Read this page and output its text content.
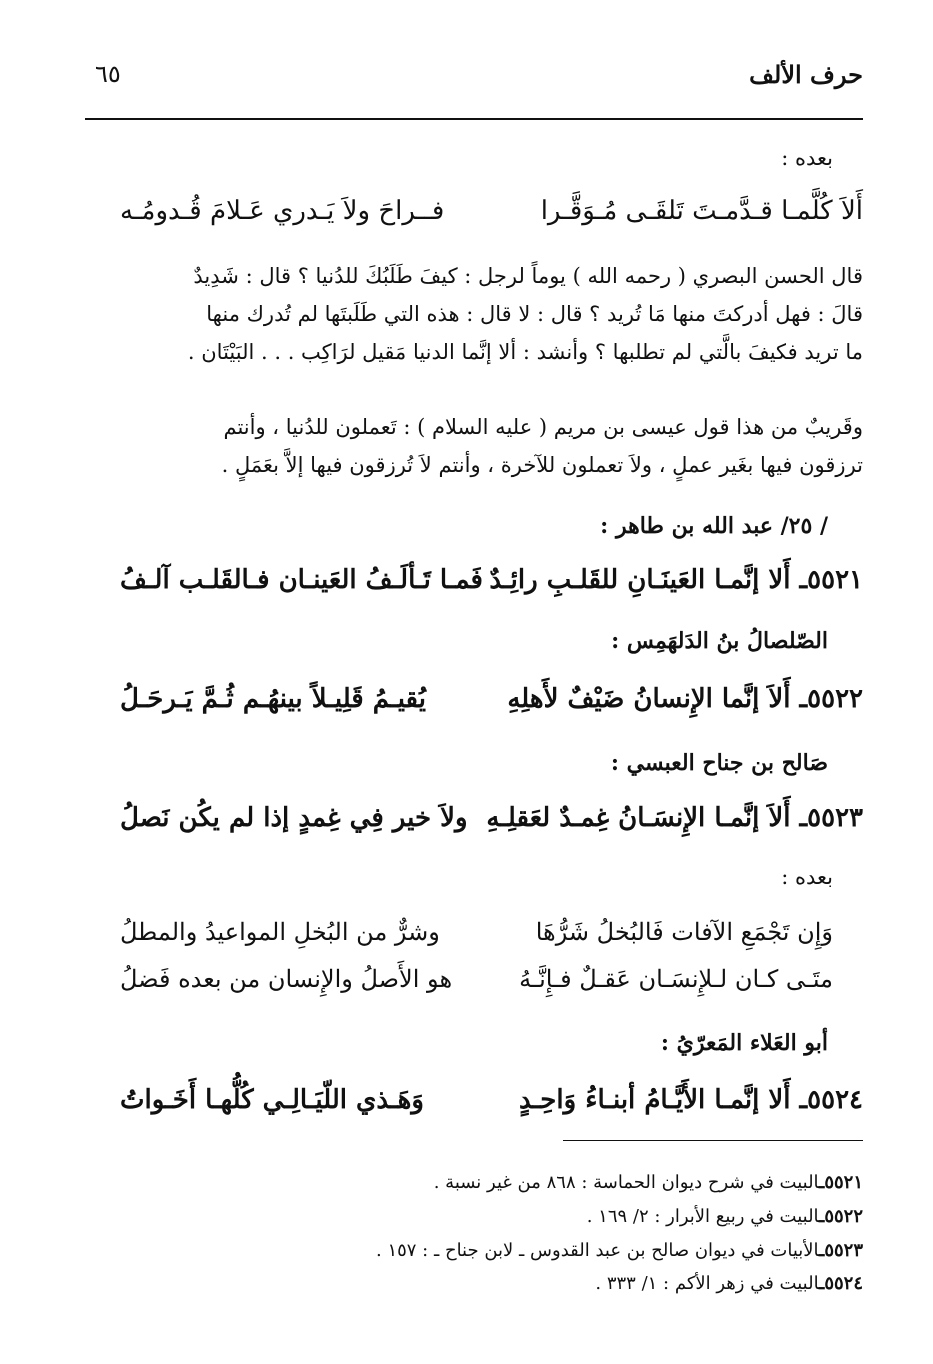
حرف الألف
٦٥
بعده :
أَلاَ كُلَّمـا قـدَّمـتَ تَلقَـى مُـوَقَّـرا
فــراحَ ولاَ يَـدري عَـلامَ قُـدومُـه
قال الحسن البصري ( رحمه الله ) يوماً لرجل : كيفَ طَلَبُكَ للدُنيا ؟ قال : شَدِيدٌ
قالَ : فهل أدركتَ منها مَا تُريد ؟ قال : لا قال : هذه التي طَلَبتَها لم تُدرك منها
ما تريد فكيفَ بالَّتي لم تطلبها ؟ وأنشد : ألا إنَّما الدنيا مَقيل لرَاكِب . . . البَيْتَان .
وقَريبٌ من هذا قول عيسى بن مريم ( عليه السلام ) : تَعملون للدُنيا ، وأنتم
ترزقون فيها بغَير عملٍ ، ولاَ تعملون للآخرة ، وأنتم لاَ تُرزقون فيها إلاَّ بعَمَلٍ .
/ ٢٥/ عبد الله بن طاهر :
٥٥٢١ـ أَلا إنَّمـا العَينَـانِ للقَلـبِ رائِـدٌ
فَمـا تَـألَـفُ العَينـان فـالقَلـب آلـفُ
الصّلصالُ بنُ الدَلهَمِس :
٥٥٢٢ـ أَلاَ إنَّما الإِنسانُ ضَيْفٌ لأَهلِهِ
يُقيـمُ قَلِيـلاً بينهُـم ثُـمَّ يَـرحَـلُ
صَالح بن جناح العبسي :
٥٥٢٣ـ أَلاَ إنَّمـا الإِنسَـانُ غِمـدٌ لعَقلِـهِ
ولاَ خير فِي غِمدٍ إذا لم يكُن نَصلُ
بعده :
وَإِن تَجْمَعِ الآفات فَالبُخلُ شَرُّهَا
وشرٌّ من البُخلِ المواعيدُ والمطلُ
متَـى كـان لـلإِنسَـان عَقـلٌ فـإِنَّـهُ
هو الأَصلُ والإِنسان من بعده فَضلُ
أبو العَلاء المَعرّيُ :
٥٥٢٤ـ أَلا إنَّمـا الأَيَّـامُ أبنـاءُ وَاحِـدٍ
وَهَـذي اللّيَـالِـي كُلُّهـا أَخَـواتُ
٥٥٢١ـالبيت في شرح ديوان الحماسة : ٨٦٨ من غير نسبة .
٥٥٢٢ـالبيت في ربيع الأبرار : ٢/ ١٦٩ .
٥٥٢٣ـالأبيات في ديوان صالح بن عبد القدوس ـ لابن جناح ـ : ١٥٧ .
٥٥٢٤ـالبيت في زهر الأكم : ١/ ٣٣٣ .
